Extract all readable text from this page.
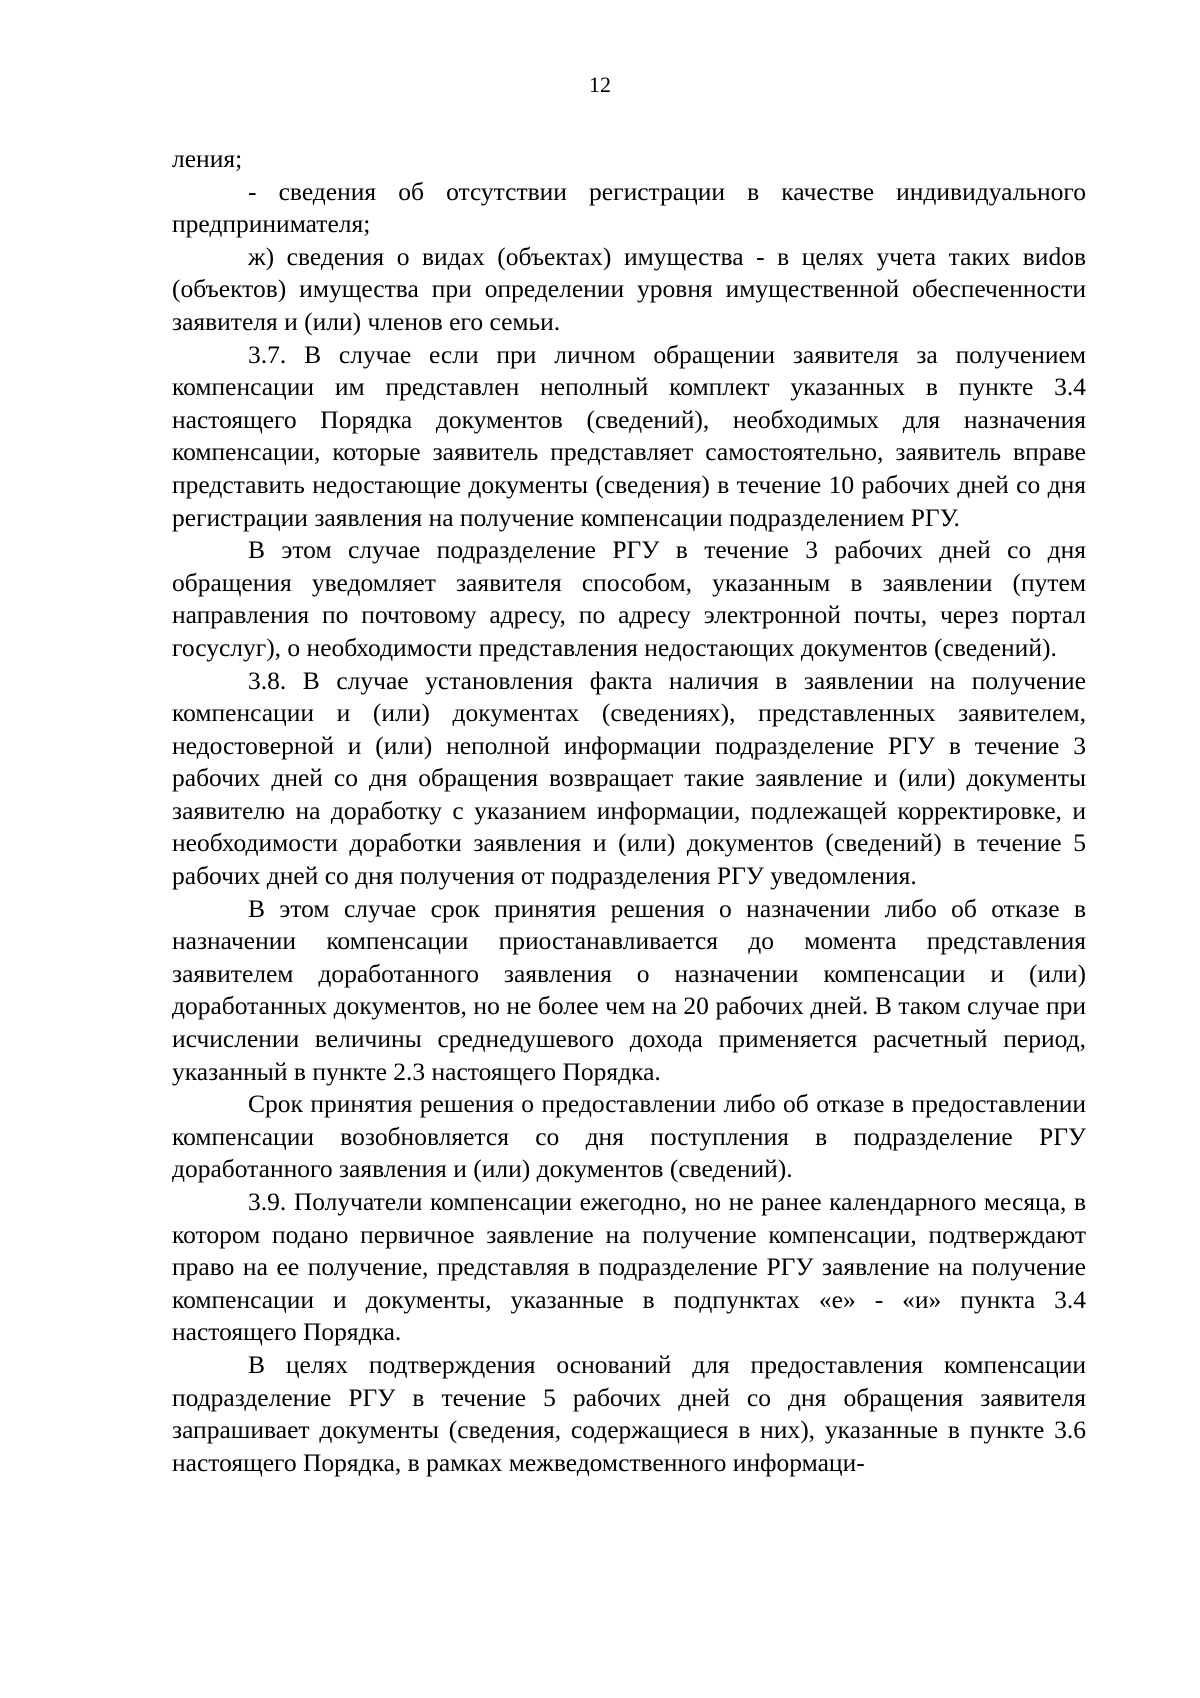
12

ления;

- сведения об отсутствии регистрации в качестве индивидуального предпринимателя;

ж) сведения о видах (объектах) имущества - в целях учета таких виdов (объектов) имущества при определении уровня имущественной обеспеченности заявителя и (или) членов его семьи.

3.7. В случае если при личном обращении заявителя за получением компенсации им представлен неполный комплект указанных в пункте 3.4 настоящего Порядка документов (сведений), необходимых для назначения компенсации, которые заявитель представляет самостоятельно, заявитель вправе представить недостающие документы (сведения) в течение 10 рабочих дней со дня регистрации заявления на получение компенсации подразделением РГУ.

В этом случае подразделение РГУ в течение 3 рабочих дней со дня обращения уведомляет заявителя способом, указанным в заявлении (путем направления по почтовому адресу, по адресу электронной почты, через портал госуслуг), о необходимости представления недостающих документов (сведений).

3.8. В случае установления факта наличия в заявлении на получение компенсации и (или) документах (сведениях), представленных заявителем, недостоверной и (или) неполной информации подразделение РГУ в течение 3 рабочих дней со дня обращения возвращает такие заявление и (или) документы заявителю на доработку с указанием информации, подлежащей корректировке, и необходимости доработки заявления и (или) документов (сведений) в течение 5 рабочих дней со дня получения от подразделения РГУ уведомления.

В этом случае срок принятия решения о назначении либо об отказе в назначении компенсации приостанавливается до момента представления заявителем доработанного заявления о назначении компенсации и (или) доработанных документов, но не более чем на 20 рабочих дней. В таком случае при исчислении величины среднедушевого дохода применяется расчетный период, указанный в пункте 2.3 настоящего Порядка.

Срок принятия решения о предоставлении либо об отказе в предоставлении компенсации возобновляется со дня поступления в подразделение РГУ доработанного заявления и (или) документов (сведений).

3.9. Получатели компенсации ежегодно, но не ранее календарного месяца, в котором подано первичное заявление на получение компенсации, подтверждают право на ее получение, представляя в подразделение РГУ заявление на получение компенсации и документы, указанные в подпунктах «е» - «и» пункта 3.4 настоящего Порядка.

В целях подтверждения оснований для предоставления компенсации подразделение РГУ в течение 5 рабочих дней со дня обращения заявителя запрашивает документы (сведения, содержащиеся в них), указанные в пункте 3.6 настоящего Порядка, в рамках межведомственного информаци-
